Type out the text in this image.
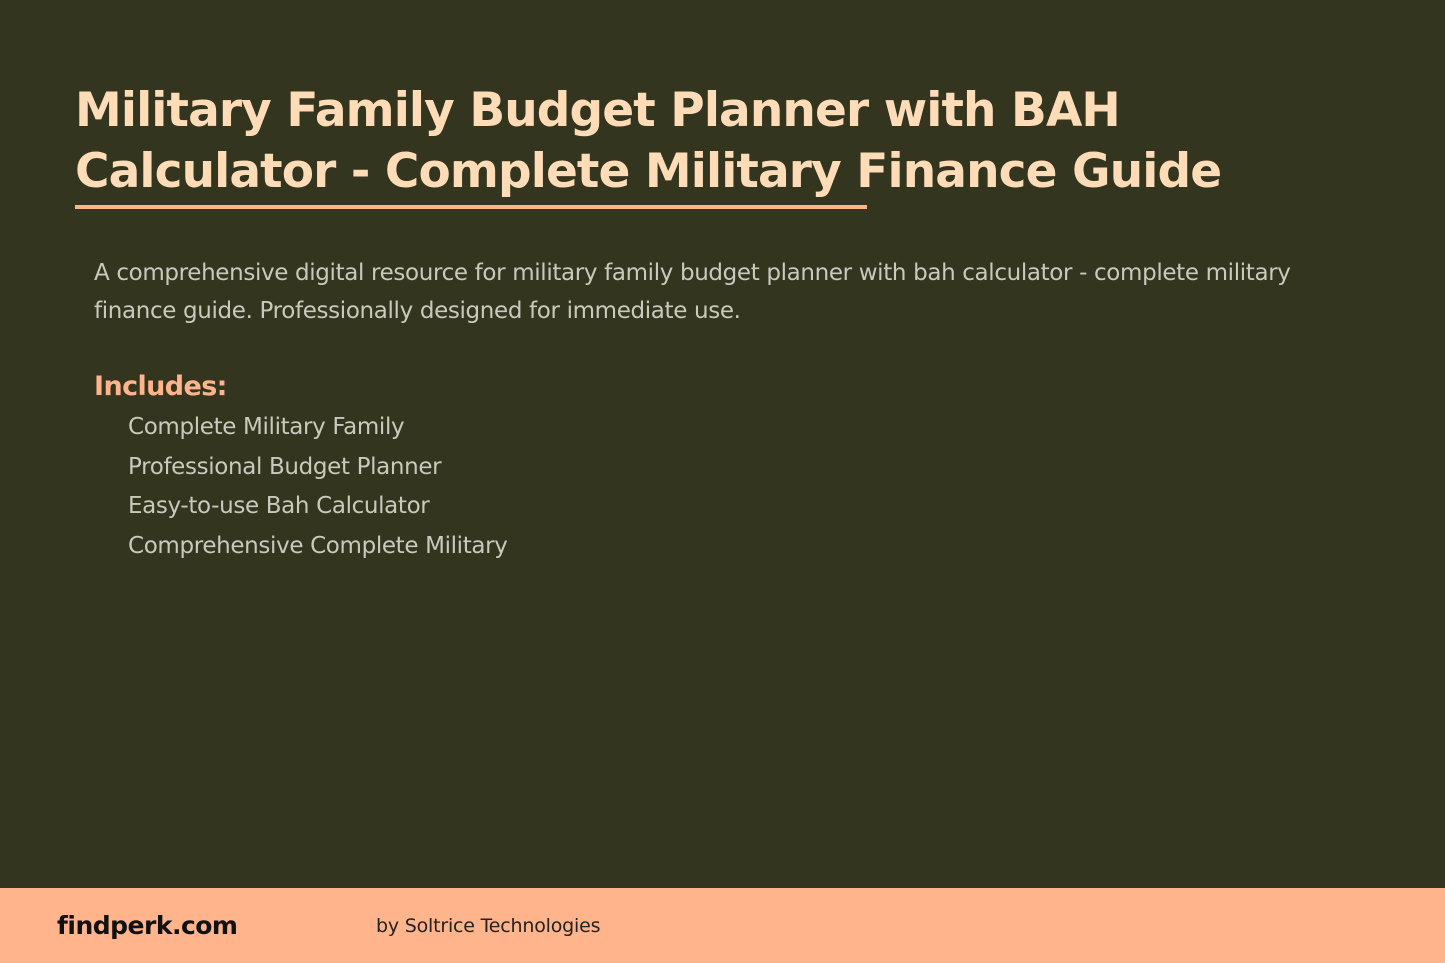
Military Family Budget Planner with BAH Calculator - Complete Military Finance Guide

A comprehensive digital resource for military family budget planner with bah calculator - complete military finance guide. Professionally designed for immediate use.

Includes:
Complete Military Family
Professional Budget Planner
Easy-to-use Bah Calculator
Comprehensive Complete Military
findperk.com	by Soltrice Technologies
